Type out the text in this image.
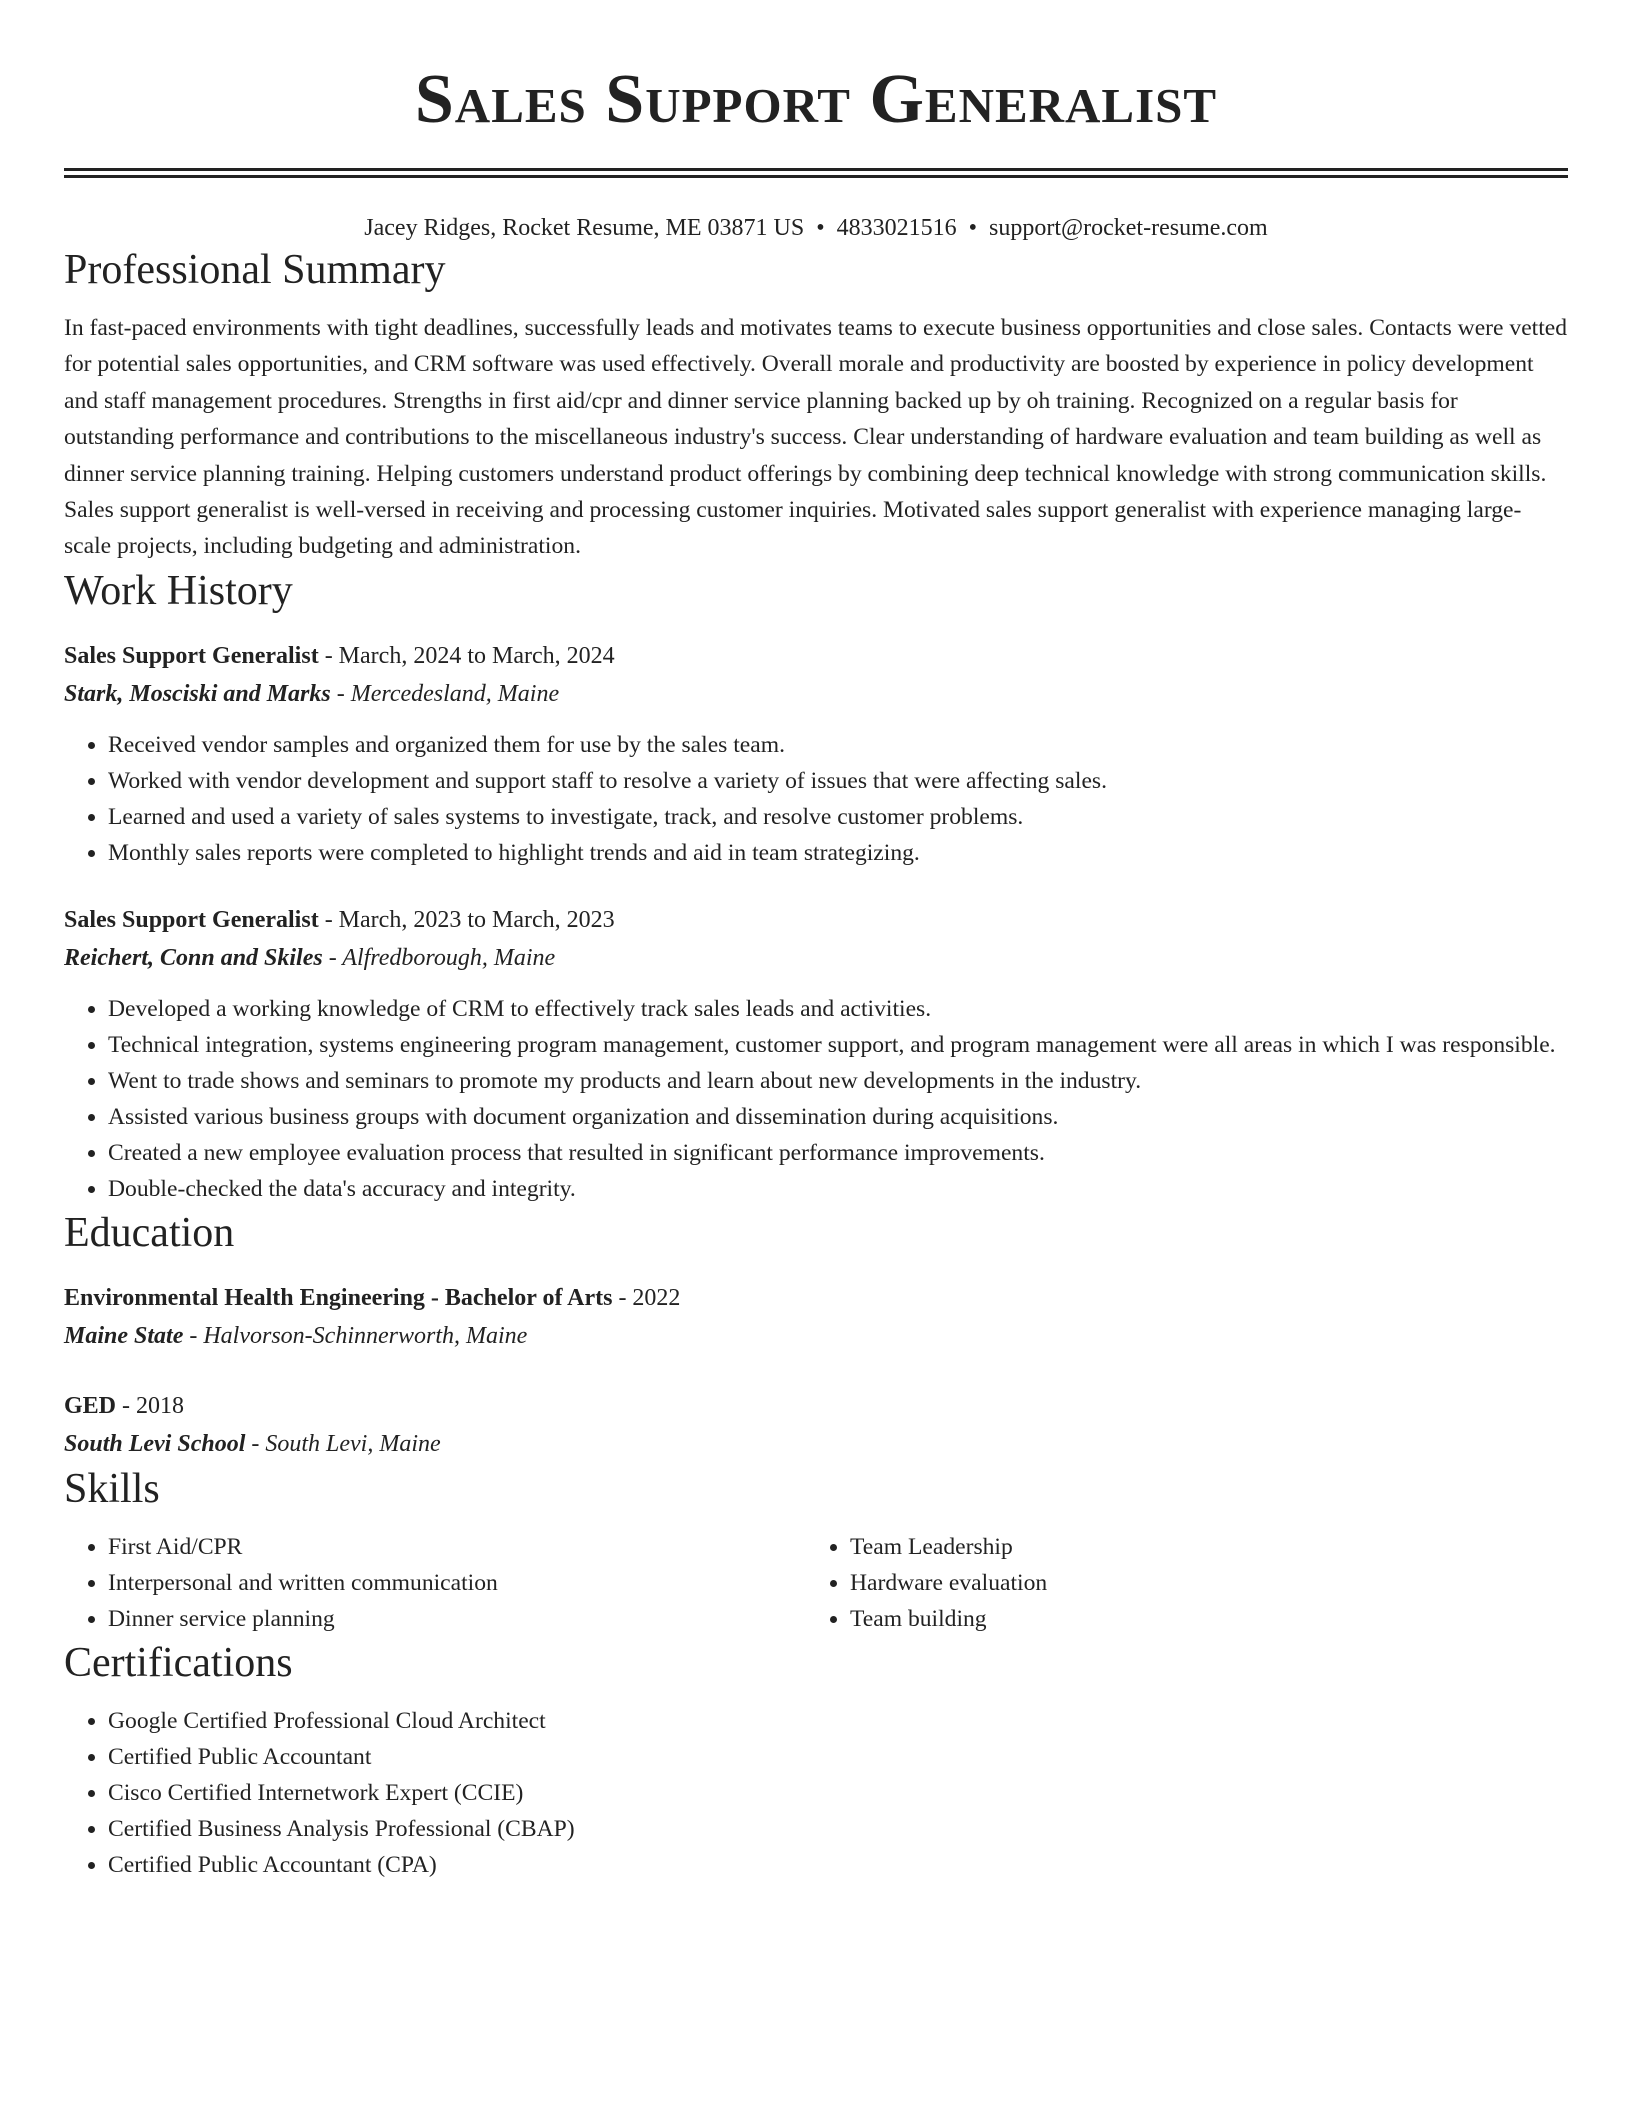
Sales Support Generalist
Jacey Ridges, Rocket Resume, ME 03871 US • 4833021516 • support@rocket-resume.com
Professional Summary

In fast-paced environments with tight deadlines, successfully leads and motivates teams to execute business opportunities and close sales. Contacts were vetted for potential sales opportunities, and CRM software was used effectively. Overall morale and productivity are boosted by experience in policy development and staff management procedures. Strengths in first aid/cpr and dinner service planning backed up by oh training. Recognized on a regular basis for outstanding performance and contributions to the miscellaneous industry's success. Clear understanding of hardware evaluation and team building as well as dinner service planning training. Helping customers understand product offerings by combining deep technical knowledge with strong communication skills. Sales support generalist is well-versed in receiving and processing customer inquiries. Motivated sales support generalist with experience managing large-scale projects, including budgeting and administration.

Work History
Sales Support Generalist - March, 2024 to March, 2024
Stark, Mosciski and Marks - Mercedesland, Maine
• Received vendor samples and organized them for use by the sales team.
• Worked with vendor development and support staff to resolve a variety of issues that were affecting sales.
• Learned and used a variety of sales systems to investigate, track, and resolve customer problems.
• Monthly sales reports were completed to highlight trends and aid in team strategizing.
Sales Support Generalist - March, 2023 to March, 2023
Reichert, Conn and Skiles - Alfredborough, Maine
• Developed a working knowledge of CRM to effectively track sales leads and activities.
• Technical integration, systems engineering program management, customer support, and program management were all areas in which I was responsible.
• Went to trade shows and seminars to promote my products and learn about new developments in the industry.
• Assisted various business groups with document organization and dissemination during acquisitions.
• Created a new employee evaluation process that resulted in significant performance improvements.
• Double-checked the data's accuracy and integrity.
Education
Environmental Health Engineering - Bachelor of Arts - 2022
Maine State - Halvorson-Schinnerworth, Maine
GED - 2018
South Levi School - South Levi, Maine
Skills
• First Aid/CPR
• Interpersonal and written communication
• Dinner service planning
• Team Leadership
• Hardware evaluation
• Team building
Certifications
• Google Certified Professional Cloud Architect
• Certified Public Accountant
• Cisco Certified Internetwork Expert (CCIE)
• Certified Business Analysis Professional (CBAP)
• Certified Public Accountant (CPA)
